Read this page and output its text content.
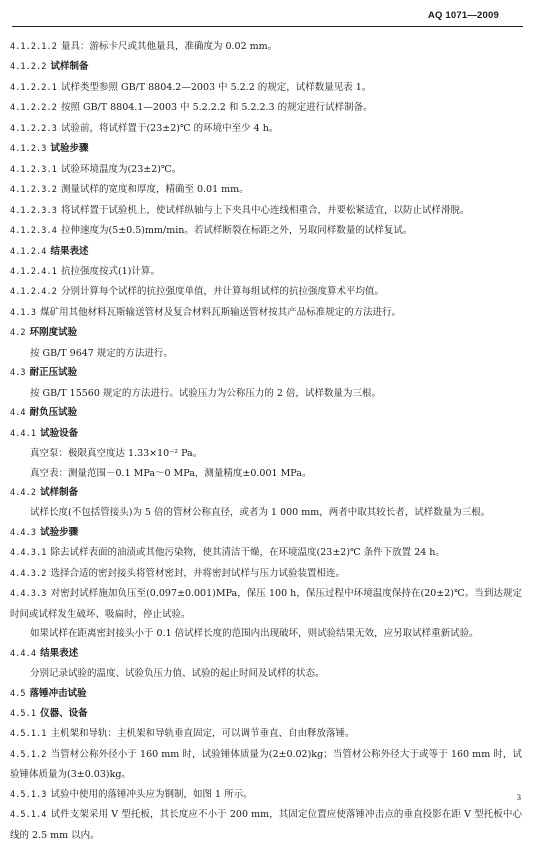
AQ 1071—2009
4.1.2.1.2 量具：游标卡尺或其他量具，准确度为 0.02 mm。
4.1.2.2 试样制备
4.1.2.2.1 试样类型参照 GB/T 8804.2—2003 中 5.2.2 的规定，试样数量见表 1。
4.1.2.2.2 按照 GB/T 8804.1—2003 中 5.2.2.2 和 5.2.2.3 的规定进行试样制备。
4.1.2.2.3 试验前，将试样置于(23±2)℃ 的环境中至少 4 h。
4.1.2.3 试验步骤
4.1.2.3.1 试验环境温度为(23±2)℃。
4.1.2.3.2 测量试样的宽度和厚度，精确至 0.01 mm。
4.1.2.3.3 将试样置于试验机上，使试样纵轴与上下夹具中心连线相重合，并要松紧适宜，以防止试样滑脱。
4.1.2.3.4 拉伸速度为(5±0.5)mm/min。若试样断裂在标距之外，另取同样数量的试样复试。
4.1.2.4 结果表述
4.1.2.4.1 抗拉强度按式(1)计算。
4.1.2.4.2 分别计算每个试样的抗拉强度单值，并计算每组试样的抗拉强度算术平均值。
4.1.3 煤矿用其他材料瓦斯输送管材及复合材料瓦斯输送管材按其产品标准规定的方法进行。
4.2 环刚度试验
按 GB/T 9647 规定的方法进行。
4.3 耐正压试验
按 GB/T 15560 规定的方法进行。试验压力为公称压力的 2 倍，试样数量为三根。
4.4 耐负压试验
4.4.1 试验设备
真空泵：极限真空度达 1.33×10⁻² Pa。
真空表：测量范围－0.1 MPa～0 MPa，测量精度±0.001 MPa。
4.4.2 试样制备
试样长度(不包括管接头)为 5 倍的管材公称直径，或者为 1 000 mm，两者中取其较长者，试样数量为三根。
4.4.3 试验步骤
4.4.3.1 除去试样表面的油渍或其他污染物，使其清洁干燥，在环境温度(23±2)℃ 条件下放置 24 h。
4.4.3.2 选择合适的密封接头将管材密封，并将密封试样与压力试验装置相连。
4.4.3.3 对密封试样施加负压至(0.097±0.001)MPa，保压 100 h，保压过程中环境温度保持在(20±2)℃。当到达规定时间或试样发生破坏、吸扁时，停止试验。
如果试样在距离密封接头小于 0.1 倍试样长度的范围内出现破坏，则试验结果无效，应另取试样重新试验。
4.4.4 结果表述
分别记录试验的温度、试验负压力值、试验的起止时间及试样的状态。
4.5 落锤冲击试验
4.5.1 仪器、设备
4.5.1.1 主机架和导轨：主机架和导轨垂直固定，可以调节垂直、自由释放落锤。
4.5.1.2 当管材公称外径小于 160 mm 时，试验锤体质量为(2±0.02)kg；当管材公称外径大于或等于 160 mm 时，试验锤体质量为(3±0.03)kg。
4.5.1.3 试验中使用的落锤冲头应为钢制，如图 1 所示。
4.5.1.4 试件支架采用 V 型托板，其长度应不小于 200 mm，其固定位置应使落锤冲击点的垂直投影在距 V 型托板中心线的 2.5 mm 以内。
3
